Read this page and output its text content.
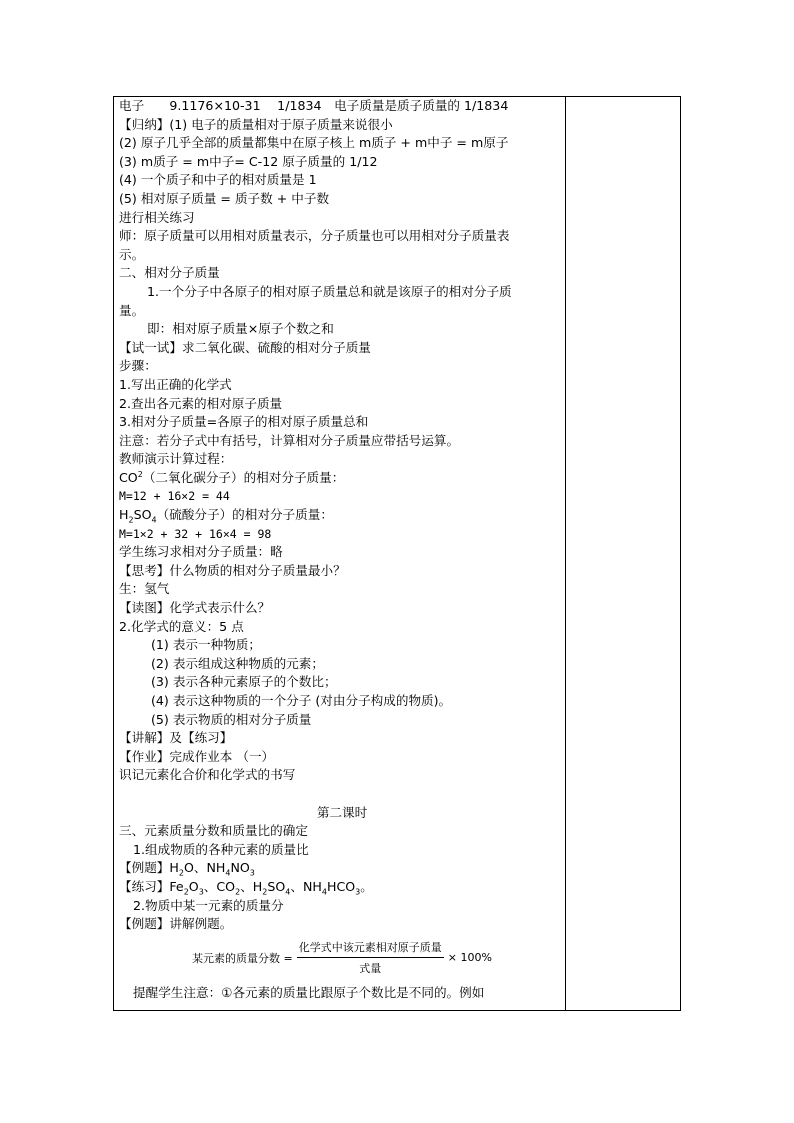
电子　　9.1176×10-31　 1/1834　电子质量是质子质量的 1/1834
【归纳】(1) 电子的质量相对于原子质量来说很小
(2) 原子几乎全部的质量都集中在原子核上 m质子 + m中子 = m原子
(3) m质子 = m中子= C-12 原子质量的 1/12
(4) 一个质子和中子的相对质量是 1
(5) 相对原子质量 = 质子数 + 中子数
进行相关练习
师：原子质量可以用相对质量表示，分子质量也可以用相对分子质量表
示。
二、相对分子质量
1.一个分子中各原子的相对原子质量总和就是该原子的相对分子质
量。
即：相对原子质量×原子个数之和
【试一试】求二氧化碳、硫酸的相对分子质量
步骤：
1.写出正确的化学式
2.查出各元素的相对原子质量
3.相对分子质量=各原子的相对原子质量总和
注意：若分子式中有括号，计算相对分子质量应带括号运算。
教师演示计算过程：
$CO^2$（二氧化碳分子）的相对分子质量：
M=12 + 16×2 = 44
$H_2SO_4$（硫酸分子）的相对分子质量：
M=1×2 + 32 + 16×4 = 98
学生练习求相对分子质量：略
【思考】什么物质的相对分子质量最小？
生：氢气
【读图】化学式表示什么？
2.化学式的意义：5 点
(1) 表示一种物质；
(2) 表示组成这种物质的元素；
(3) 表示各种元素原子的个数比；
(4) 表示这种物质的一个分子 (对由分子构成的物质)。
(5) 表示物质的相对分子质量
【讲解】及【练习】
【作业】完成作业本 （一）
识记元素化合价和化学式的书写
第二课时
三、元素质量分数和质量比的确定
1.组成物质的各种元素的质量比
【例题】$H_2O$、$NH_4NO_3$
【练习】$Fe_2O_3$、$CO_2$、$H_2SO_4$、$NH_4HCO_3$。
2.物质中某一元素的质量分
【例题】讲解例题。
某元素的质量分数 = $\frac{\text{化学式中该元素相对原子质量}}{\text{式量}} \times 100\%$
提醒学生注意：①各元素的质量比跟原子个数比是不同的。例如
